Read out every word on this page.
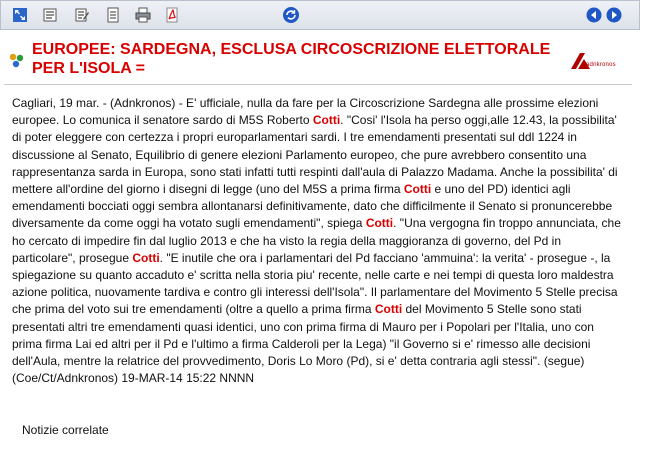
EUROPEE: SARDEGNA, ESCLUSA CIRCOSCRIZIONE ELETTORALE PER L'ISOLA =	adnkronos
Cagliari, 19 mar. - (Adnkronos) - E' ufficiale, nulla da fare per la Circoscrizione Sardegna alle prossime elezioni europee. Lo comunica il senatore sardo di M5S Roberto Cotti. "Cosi' l'Isola ha perso oggi,alle 12.43, la possibilita' di poter eleggere con certezza i propri europarlamentari sardi. I tre emendamenti presentati sul ddl 1224 in discussione al Senato, Equilibrio di genere elezioni Parlamento europeo, che pure avrebbero consentito una rappresentanza sarda in Europa, sono stati infatti tutti respinti dall'aula di Palazzo Madama. Anche la possibilita' di mettere all'ordine del giorno i disegni di legge (uno del M5S a prima firma Cotti e uno del PD) identici agli emendamenti bocciati oggi sembra allontanarsi definitivamente, dato che difficilmente il Senato si pronuncerebbe diversamente da come oggi ha votato sugli emendamenti", spiega Cotti. "Una vergogna fin troppo annunciata, che ho cercato di impedire fin dal luglio 2013 e che ha visto la regia della maggioranza di governo, del Pd in particolare", prosegue Cotti. "E inutile che ora i parlamentari del Pd facciano 'ammuina': la verita' - prosegue -, la spiegazione su quanto accaduto e' scritta nella storia piu' recente, nelle carte e nei tempi di questa loro maldestra azione politica, nuovamente tardiva e contro gli interessi dell'Isola". Il parlamentare del Movimento 5 Stelle precisa che prima del voto sui tre emendamenti (oltre a quello a prima firma Cotti del Movimento 5 Stelle sono stati presentati altri tre emendamenti quasi identici, uno con prima firma di Mauro per i Popolari per l'Italia, uno con prima firma Lai ed altri per il Pd e l'ultimo a firma Calderoli per la Lega) "il Governo si e' rimesso alle decisioni dell'Aula, mentre la relatrice del provvedimento, Doris Lo Moro (Pd), si e' detta contraria agli stessi". (segue)
(Coe/Ct/Adnkronos) 19-MAR-14 15:22 NNNN
Notizie correlate
